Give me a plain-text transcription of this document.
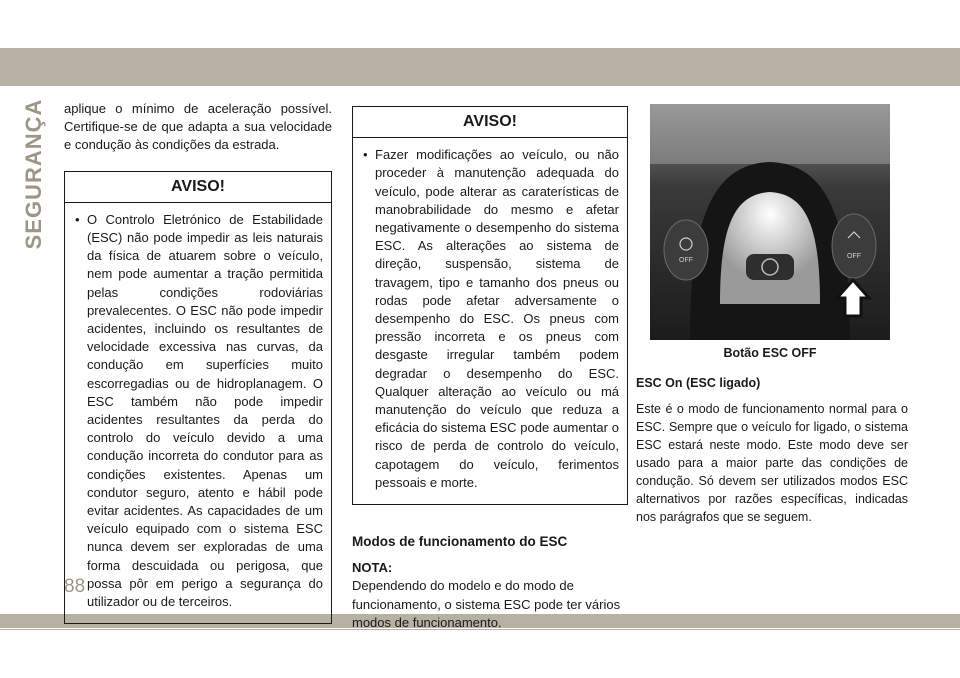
SEGURANÇA
88

aplique o mínimo de aceleração possível. Certifique-se de que adapta a sua velocidade e condução às condições da estrada.

AVISO!
• O Controlo Eletrónico de Estabilidade (ESC) não pode impedir as leis naturais da física de atuarem sobre o veículo, nem pode aumentar a tração permitida pelas condições rodoviárias prevalecentes. O ESC não pode impedir acidentes, incluindo os resultantes de velocidade excessiva nas curvas, da condução em superfícies muito escorregadias ou de hidroplanagem. O ESC também não pode impedir acidentes resultantes da perda do controlo do veículo devido a uma condução incorreta do condutor para as condições existentes. Apenas um condutor seguro, atento e hábil pode evitar acidentes. As capacidades de um veículo equipado com o sistema ESC nunca devem ser exploradas de uma forma descuidada ou perigosa, que possa pôr em perigo a segurança do utilizador ou de terceiros.
AVISO!
• Fazer modificações ao veículo, ou não proceder à manutenção adequada do veículo, pode alterar as caraterísticas de manobrabilidade do mesmo e afetar negativamente o desempenho do sistema ESC. As alterações ao sistema de direção, suspensão, sistema de travagem, tipo e tamanho dos pneus ou rodas pode afetar adversamente o desempenho do ESC. Os pneus com pressão incorreta e os pneus com desgaste irregular também podem degradar o desempenho do ESC. Qualquer alteração ao veículo ou má manutenção do veículo que reduza a eficácia do sistema ESC pode aumentar o risco de perda de controlo do veículo, capotagem do veículo, ferimentos pessoais e morte.
Modos de funcionamento do ESC

NOTA:

Dependendo do modelo e do modo de funcionamento, o sistema ESC pode ter vários modos de funcionamento.

OFF
OFF
Botão ESC OFF

ESC On (ESC ligado)

Este é o modo de funcionamento normal para o ESC. Sempre que o veículo for ligado, o sistema ESC estará neste modo. Este modo deve ser usado para a maior parte das condições de condução. Só devem ser utilizados modos ESC alternativos por razões específicas, indicadas nos parágrafos que se seguem.
